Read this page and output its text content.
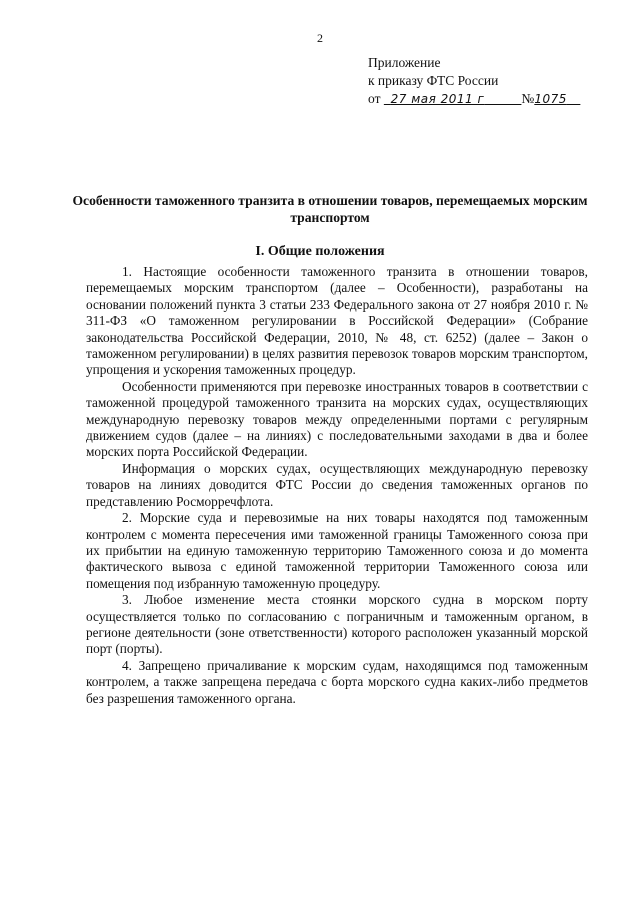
2
Приложение
к приказу ФТС России
от 27 мая 2011 г	№1075
Особенности таможенного транзита в отношении товаров, перемещаемых морским транспортом
I. Общие положения

1. Настоящие особенности таможенного транзита в отношении товаров, перемещаемых морским транспортом (далее – Особенности), разработаны на основании положений пункта 3 статьи 233 Федерального закона от 27 ноября 2010 г. № 311-ФЗ «О таможенном регулировании в Российской Федерации» (Собрание законодательства Российской Федерации, 2010, № 48, ст. 6252) (далее – Закон о таможенном регулировании) в целях развития перевозок товаров морским транспортом, упрощения и ускорения таможенных процедур.

Особенности применяются при перевозке иностранных товаров в соответствии с таможенной процедурой таможенного транзита на морских судах, осуществляющих международную перевозку товаров между определенными портами с регулярным движением судов (далее – на линиях) с последовательными заходами в два и более морских порта Российской Федерации.

Информация о морских судах, осуществляющих международную перевозку товаров на линиях доводится ФТС России до сведения таможенных органов по представлению Росморречфлота.

2. Морские суда и перевозимые на них товары находятся под таможенным контролем с момента пересечения ими таможенной границы Таможенного союза при их прибытии на единую таможенную территорию Таможенного союза и до момента фактического вывоза с единой таможенной территории Таможенного союза или помещения под избранную таможенную процедуру.

3. Любое изменение места стоянки морского судна в морском порту осуществляется только по согласованию с пограничным и таможенным органом, в регионе деятельности (зоне ответственности) которого расположен указанный морской порт (порты).

4. Запрещено причаливание к морским судам, находящимся под таможенным контролем, а также запрещена передача с борта морского судна каких-либо предметов без разрешения таможенного органа.
